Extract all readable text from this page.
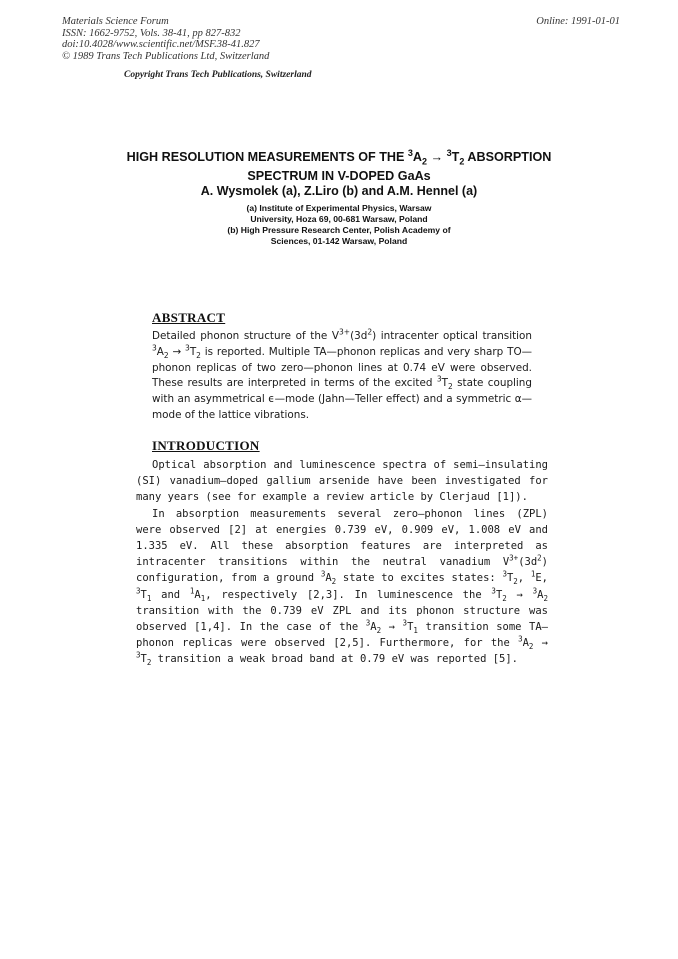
Materials Science Forum
ISSN: 1662-9752, Vols. 38-41, pp 827-832
doi:10.4028/www.scientific.net/MSF.38-41.827
© 1989 Trans Tech Publications Ltd, Switzerland
Online: 1991-01-01
Copyright Trans Tech Publications, Switzerland
HIGH RESOLUTION MEASUREMENTS OF THE $^3A_2 \to ^3T_2$ ABSORPTION
SPECTRUM IN V-DOPED GaAs
A. Wysmolek (a), Z.Liro (b) and A.M. Hennel (a)
(a) Institute of Experimental Physics, Warsaw
University, Hoza 69, 00-681 Warsaw, Poland
(b) High Pressure Research Center, Polish Academy of
Sciences, 01-142 Warsaw, Poland
ABSTRACT

Detailed phonon structure of the $V^{3+}(3d^2)$ intracenter optical transition $^3A_2 \to ^3T_2$ is reported. Multiple TA—phonon replicas and very sharp TO—phonon replicas of two zero—phonon lines at 0.74 eV were observed. These results are interpreted in terms of the excited $^3T_2$ state coupling with an asymmetrical ϵ—mode (Jahn—Teller effect) and a symmetric α—mode of the lattice vibrations.

INTRODUCTION

Optical absorption and luminescence spectra of semi—insulating (SI) vanadium—doped gallium arsenide have been investigated for many years (see for example a review article by Clerjaud [1]).

In absorption measurements several zero—phonon lines (ZPL) were observed [2] at energies 0.739 eV, 0.909 eV, 1.008 eV and 1.335 eV. All these absorption features are interpreted as intracenter transitions within the neutral vanadium $V^{3+}(3d^2)$ configuration, from a ground $^3A_2$ state to excites states: $^3T_2$, $^1$E, $^3T_1$ and $^1A_1$, respectively [2,3]. In luminescence the $^3T_2 \to ^3A_2$ transition with the 0.739 eV ZPL and its phonon structure was observed [1,4]. In the case of the $^3A_2 \to ^3T_1$ transition some TA—phonon replicas were observed [2,5]. Furthermore, for the $^3A_2 \to ^3T_2$ transition a weak broad band at 0.79 eV was reported [5].
